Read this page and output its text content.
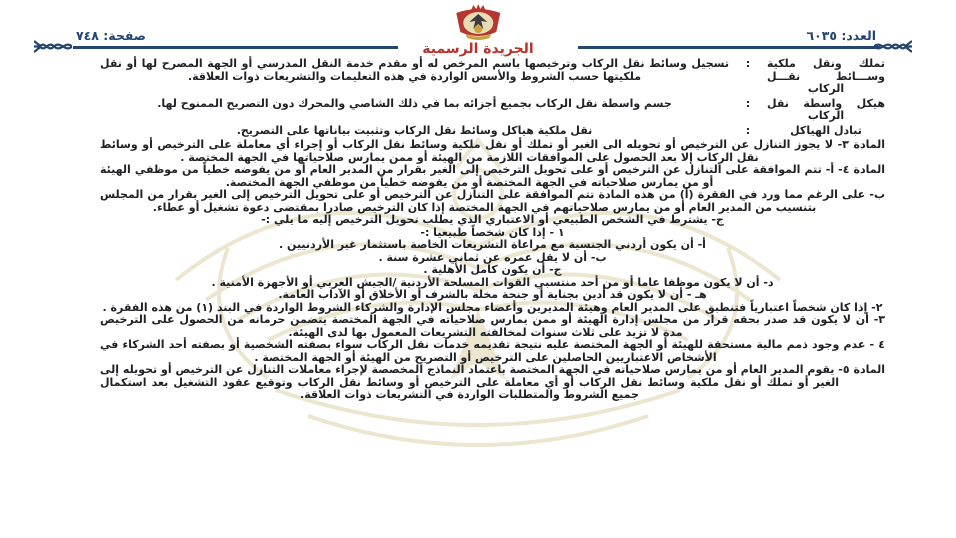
العدد: ٦٠٣٥
صفحة: ٧٤٨
الجريدة الرسمية
تملك ونقل ملكية وســـائط نقـــل الركاب
:
تسجيل وسائط نقل الركاب وترخيصها باسم المرخص له أو مقدم خدمة النقل المدرسي أو الجهة المصرح لها أو نقل ملكيتها حسب الشروط والأسس الواردة في هذه التعليمات والتشريعات ذوات العلاقة.
هيكل واسطة نقل الركاب
:
جسم واسطة نقل الركاب بجميع أجزائه بما في ذلك الشاصي والمحرك دون التصريح الممنوح لها.
تبادل الهياكل
:
نقل ملكية هياكل وسائط نقل الركاب وتثبيت بياناتها على التصريح.

المادة ٣- لا يجوز التنازل عن الترخيص أو تحويله الى الغير أو تملك أو نقل ملكية وسائط نقل الركاب أو إجراء أي معاملة على الترخيص أو وسائط نقل الركاب إلا بعد الحصول على الموافقات اللازمة من الهيئة أو ممن يمارس صلاحياتها في الجهة المختصة .

المادة ٤- أ- تتم الموافقة على التنازل عن الترخيص أو على تحويل الترخيص إلى الغير بقرار من المدير العام أو من يفوضه خطياً من موظفي الهيئة أو من يمارس صلاحياته في الجهة المختصة أو من يفوضه خطياً من موظفي الجهة المختصة.

ب- على الرغم مما ورد في الفقرة (أ) من هذه المادة تتم الموافقة على التنازل عن الترخيص أو على تحويل الترخيص إلى الغير بقرار من المجلس بتنسيب من المدير العام أو من يمارس صلاحياتهم في الجهة المختصة إذا كان الترخيص صادرا بمقتضى دعوة تشغيل أو عطاء.

ج- يشترط في الشخص الطبيعي أو الاعتباري الذي يطلب تحويل الترخيص إليه ما يلي :-

١ - إذا كان شخصاً طبيعيا :-

أ- أن يكون أردني الجنسية مع مراعاة التشريعات الخاصة باستثمار غير الأردنيين .

ب- أن لا يقل عمره عن ثماني عشرة سنة .

ج- أن يكون كامل الأهلية .

د- أن لا يكون موظفا عاما أو من أحد منتسبي القوات المسلحة الأردنية /الجيش العربي أو الأجهزة الأمنية .

هـ - أن لا يكون قد أدين بجناية أو جنحة مخلة بالشرف أو الأخلاق أو الآداب العامة.

٢- إذا كان شخصاً اعتبارياً فتنطبق على المدير العام وهيئة المديرين وأعضاء مجلس الإدارة والشركاء الشروط الواردة في البند (١) من هذه الفقرة .

٣- أن لا يكون قد صدر بحقه قرار من مجلس إدارة الهيئة أو ممن يمارس صلاحياته في الجهة المختصة يتضمن حرمانه من الحصول على الترخيص مدة لا تزيد على ثلاث سنوات لمخالفته التشريعات المعمول بها لدى الهيئة.

٤ - عدم وجود ذمم مالية مستحقة للهيئة أو الجهة المختصة عليه نتيجة تقديمه خدمات نقل الركاب سواء بصفته الشخصية أو بصفته أحد الشركاء في الأشخاص الاعتباريين الحاصلين على الترخيص أو التصريح من الهيئة أو الجهة المختصة .

المادة ٥- يقوم المدير العام أو من يمارس صلاحياته في الجهة المختصة باعتماد النماذج المخصصة لإجراء معاملات التنازل عن الترخيص أو تحويله إلى الغير أو تملك أو نقل ملكية وسائط نقل الركاب أو أي معاملة على الترخيص أو وسائط نقل الركاب وتوقيع عقود التشغيل بعد استكمال جميع الشروط والمتطلبات الواردة في التشريعات ذوات العلاقة.
